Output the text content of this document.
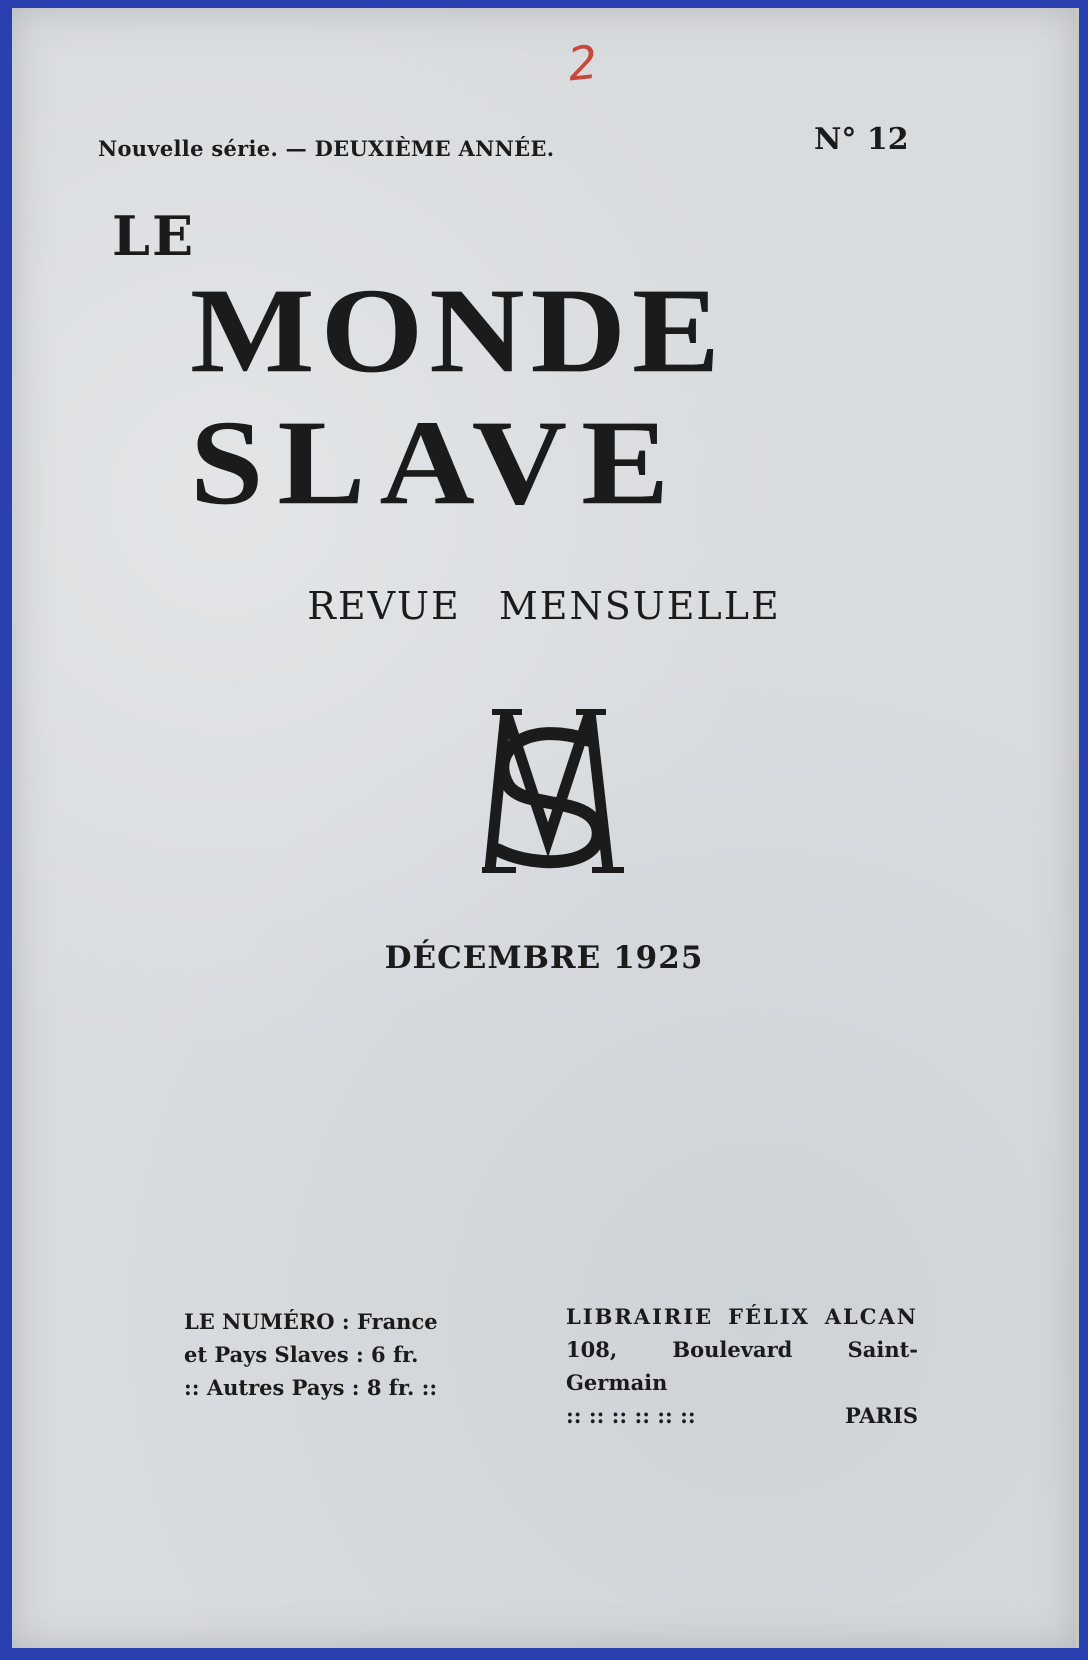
2
Nouvelle série. — DEUXIÈME ANNÉE.	N° 12
LE
MONDE
SLAVE
REVUE MENSUELLE
DÉCEMBRE 1925
LE NUMÉRO : France
et Pays Slaves : 6 fr.
:: Autres Pays : 8 fr. ::
LIBRAIRIE FÉLIX ALCAN
108, Boulevard Saint-Germain
:: :: :: :: :: ::	PARIS
